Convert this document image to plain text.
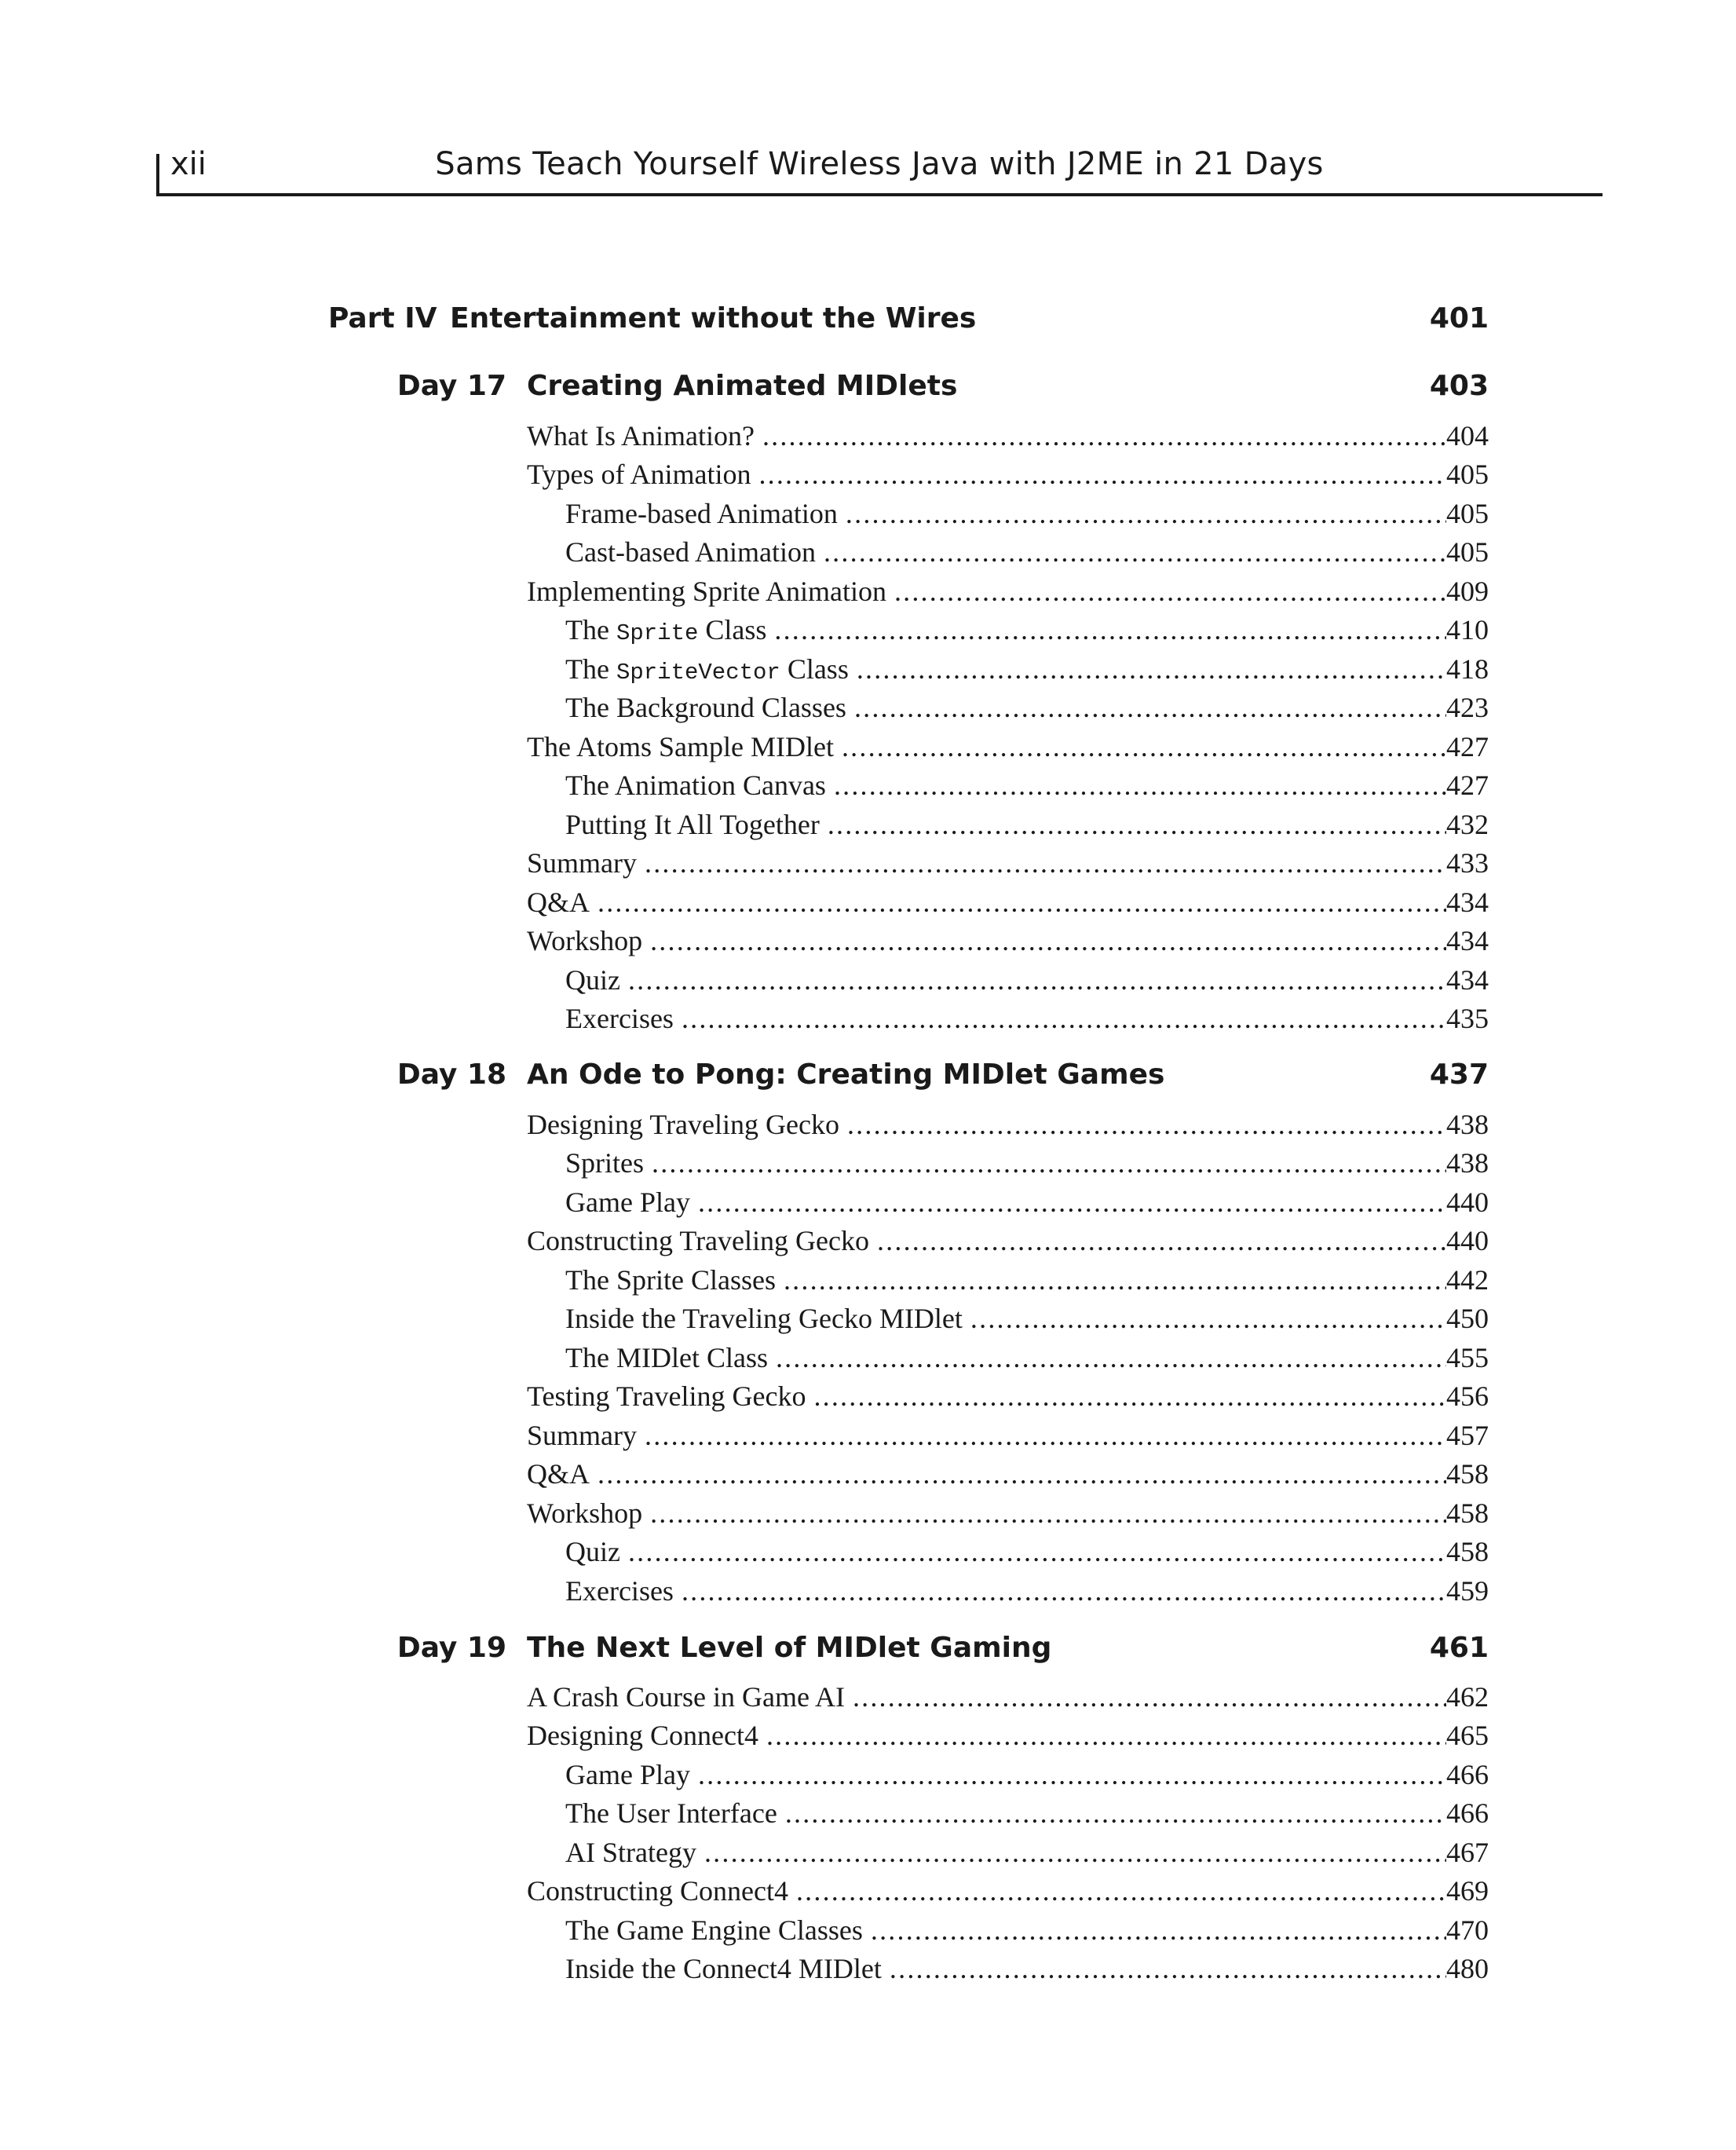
xii	Sams Teach Yourself Wireless Java with J2ME in 21 Days
Part IV Entertainment without the Wires	401
Day 17 Creating Animated MIDlets	403
What Is Animation? .....	404
Types of Animation .....	405
Frame-based Animation .....	405
Cast-based Animation .....	405
Implementing Sprite Animation .....	409
The Sprite Class .....	410
The SpriteVector Class .....	418
The Background Classes .....	423
The Atoms Sample MIDlet .....	427
The Animation Canvas .....	427
Putting It All Together .....	432
Summary .....	433
Q&A .....	434
Workshop .....	434
Quiz .....	434
Exercises .....	435
Day 18 An Ode to Pong: Creating MIDlet Games	437
Designing Traveling Gecko .....	438
Sprites .....	438
Game Play .....	440
Constructing Traveling Gecko .....	440
The Sprite Classes .....	442
Inside the Traveling Gecko MIDlet .....	450
The MIDlet Class .....	455
Testing Traveling Gecko .....	456
Summary .....	457
Q&A .....	458
Workshop .....	458
Quiz .....	458
Exercises .....	459
Day 19 The Next Level of MIDlet Gaming	461
A Crash Course in Game AI .....	462
Designing Connect4 .....	465
Game Play .....	466
The User Interface .....	466
AI Strategy .....	467
Constructing Connect4 .....	469
The Game Engine Classes .....	470
Inside the Connect4 MIDlet .....	480
